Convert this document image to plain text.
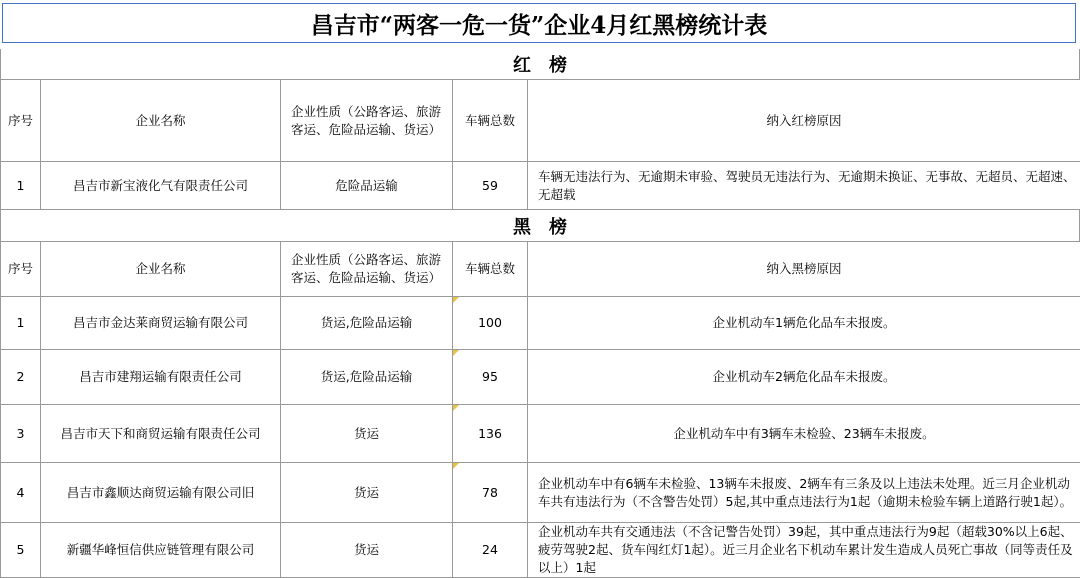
昌吉市“两客一危一货”企业4月红黑榜统计表
红　榜
序号	企业名称	企业性质（公路客运、旅游客运、危险品运输、货运）	车辆总数	纳入红榜原因
1	昌吉市新宝液化气有限责任公司	危险品运输	59	车辆无违法行为、无逾期未审验、驾驶员无违法行为、无逾期未换证、无事故、无超员、无超速、无超载
黑　榜
序号	企业名称	企业性质（公路客运、旅游客运、危险品运输、货运）	车辆总数	纳入黑榜原因
1	昌吉市金达莱商贸运输有限公司	货运,危险品运输	100	企业机动车1辆危化品车未报废。
2	昌吉市建翔运输有限责任公司	货运,危险品运输	95	企业机动车2辆危化品车未报废。
3	昌吉市天下和商贸运输有限责任公司	货运	136	企业机动车中有3辆车未检验、23辆车未报废。
4	昌吉市鑫顺达商贸运输有限公司旧	货运	78	企业机动车中有6辆车未检验、13辆车未报废、2辆车有三条及以上违法未处理。近三月企业机动车共有违法行为（不含警告处罚）5起,其中重点违法行为1起（逾期未检验车辆上道路行驶1起）。
5	新疆华峰恒信供应链管理有限公司	货运	24	企业机动车共有交通违法（不含记警告处罚）39起，其中重点违法行为9起（超载30%以上6起、疲劳驾驶2起、货车闯红灯1起）。近三月企业名下机动车累计发生造成人员死亡事故（同等责任及以上）1起
